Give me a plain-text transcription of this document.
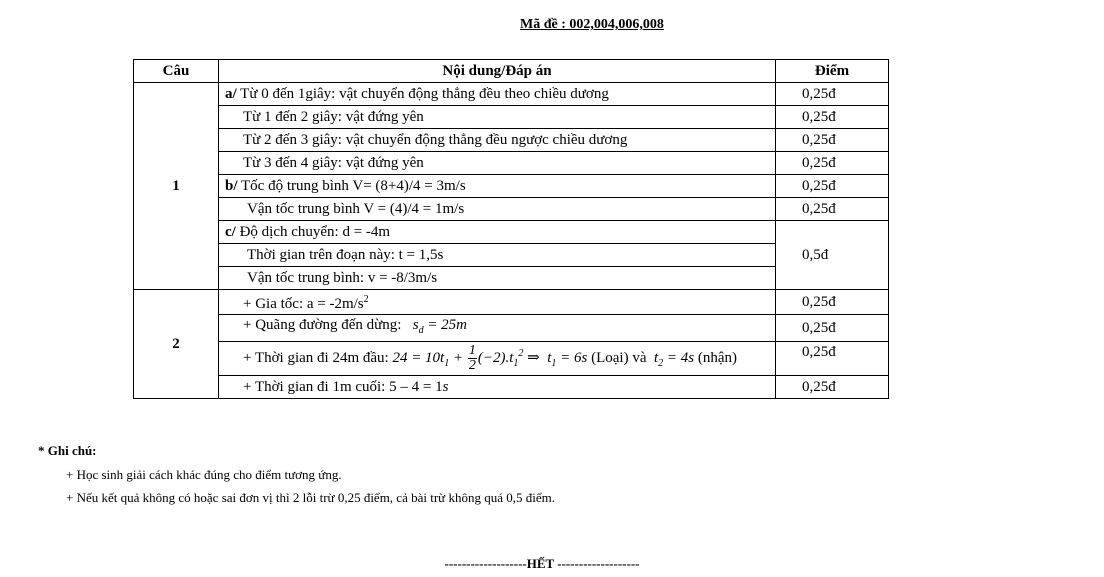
Mã đề : 002,004,006,008
Câu	Nội dung/Đáp án	Điểm
1	a/ Từ 0 đến 1giây: vật chuyển động thẳng đều theo chiều dương	0,25đ
	Từ 1 đến 2 giây: vật đứng yên	0,25đ
	Từ 2 đến 3 giây: vật chuyển động thẳng đều ngược chiều dương	0,25đ
	Từ 3 đến 4 giây: vật đứng yên	0,25đ
	b/ Tốc độ trung bình V= (8+4)/4 = 3m/s	0,25đ
	Vận tốc trung bình V = (4)/4 = 1m/s	0,25đ
	c/ Độ dịch chuyển: d = -4m	0,5đ
	Thời gian trên đoạn này: t = 1,5s	
	Vận tốc trung bình: v = -8/3m/s	
2	+ Gia tốc: $a = -2m/s^2$	0,25đ
	+ Quãng đường đến dừng: $s_d = 25m$	0,25đ
	+ Thời gian đi 24m đầu: $24 = 10t_1 + \frac{1}{2} (-2).t_1^2$ ⇒  $t_1 = 6s$ (Loại) và  $t_2 = 4s$ (nhận)	0,25đ
	+ Thời gian đi 1m cuối: 5 – 4 = 1s	0,25đ
* Ghi chú:
+ Học sinh giải cách khác đúng cho điểm tương ứng.
+ Nếu kết quả không có hoặc sai đơn vị thì 2 lỗi trừ 0,25 điểm, cả bài trừ không quá 0,5 điểm.
-------------------HẾT -------------------
